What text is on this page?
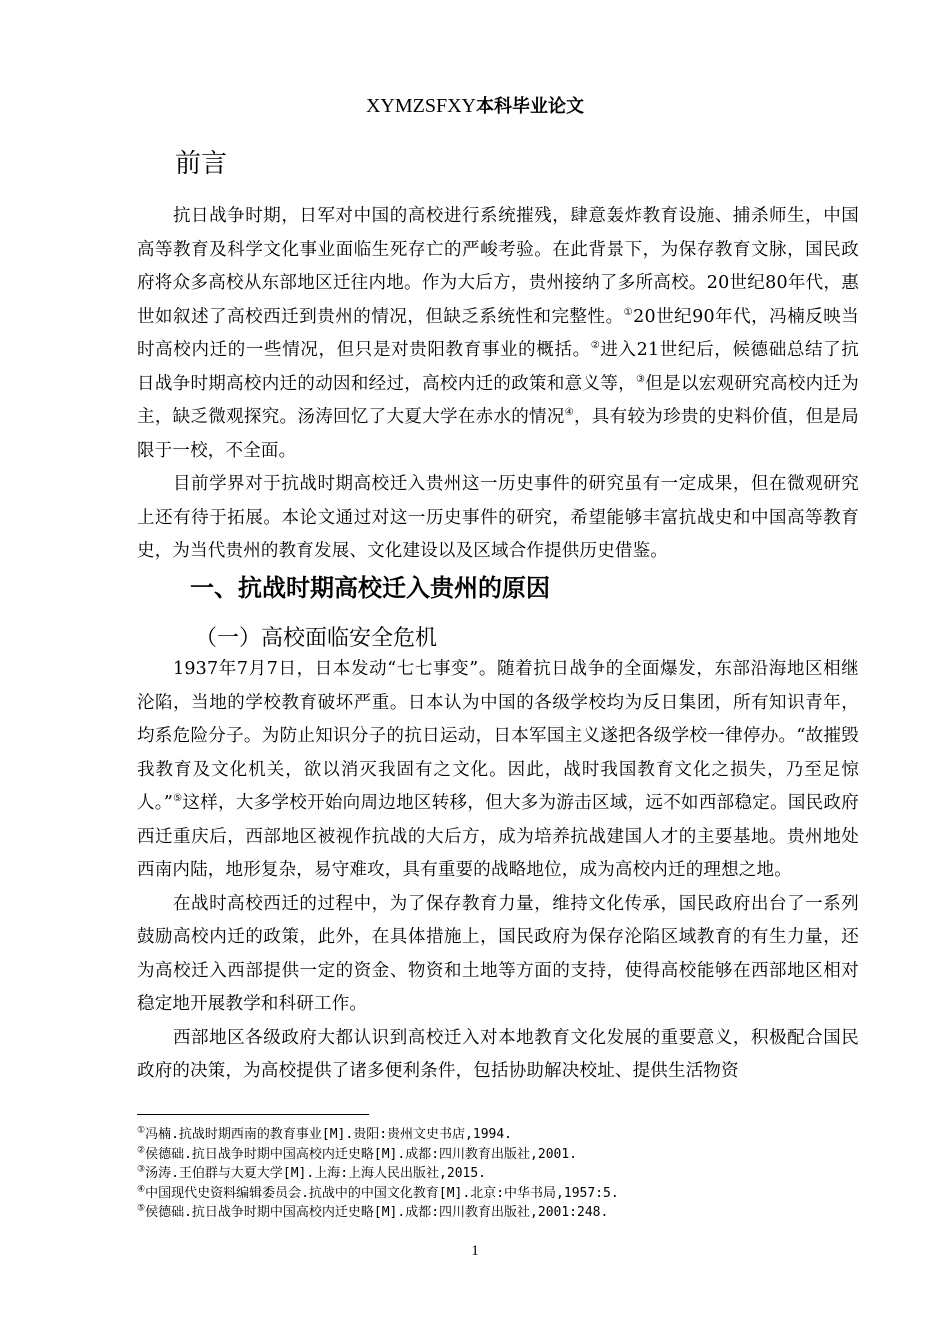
XYMZSFXY本科毕业论文
前言

抗日战争时期，日军对中国的高校进行系统摧残，肆意轰炸教育设施、捕杀师生，中国高等教育及科学文化事业面临生死存亡的严峻考验。在此背景下，为保存教育文脉，国民政府将众多高校从东部地区迁往内地。作为大后方，贵州接纳了多所高校。20世纪80年代，惠世如叙述了高校西迁到贵州的情况，但缺乏系统性和完整性。①20世纪90年代，冯楠反映当时高校内迁的一些情况，但只是对贵阳教育事业的概括。②进入21世纪后，候德础总结了抗日战争时期高校内迁的动因和经过，高校内迁的政策和意义等，③但是以宏观研究高校内迁为主，缺乏微观探究。汤涛回忆了大夏大学在赤水的情况④，具有较为珍贵的史料价值，但是局限于一校，不全面。

目前学界对于抗战时期高校迁入贵州这一历史事件的研究虽有一定成果，但在微观研究上还有待于拓展。本论文通过对这一历史事件的研究，希望能够丰富抗战史和中国高等教育史，为当代贵州的教育发展、文化建设以及区域合作提供历史借鉴。

一、抗战时期高校迁入贵州的原因
（一）高校面临安全危机

1937年7月7日，日本发动“七七事变”。随着抗日战争的全面爆发，东部沿海地区相继沦陷，当地的学校教育破坏严重。日本认为中国的各级学校均为反日集团，所有知识青年，均系危险分子。为防止知识分子的抗日运动，日本军国主义遂把各级学校一律停办。“故摧毁我教育及文化机关，欲以消灭我固有之文化。因此，战时我国教育文化之损失，乃至足惊人。”⑤这样，大多学校开始向周边地区转移，但大多为游击区域，远不如西部稳定。国民政府西迁重庆后，西部地区被视作抗战的大后方，成为培养抗战建国人才的主要基地。贵州地处西南内陆，地形复杂，易守难攻，具有重要的战略地位，成为高校内迁的理想之地。

在战时高校西迁的过程中，为了保存教育力量，维持文化传承，国民政府出台了一系列鼓励高校内迁的政策，此外，在具体措施上，国民政府为保存沦陷区域教育的有生力量，还为高校迁入西部提供一定的资金、物资和土地等方面的支持，使得高校能够在西部地区相对稳定地开展教学和科研工作。

西部地区各级政府大都认识到高校迁入对本地教育文化发展的重要意义，积极配合国民政府的决策，为高校提供了诸多便利条件，包括协助解决校址、提供生活物资

①冯楠.抗战时期西南的教育事业[M].贵阳:贵州文史书店,1994.
②侯德础.抗日战争时期中国高校内迁史略[M].成都:四川教育出版社,2001.
③汤涛.王伯群与大夏大学[M].上海:上海人民出版社,2015.
④中国现代史资料编辑委员会.抗战中的中国文化教育[M].北京:中华书局,1957:5.
⑤侯德础.抗日战争时期中国高校内迁史略[M].成都:四川教育出版社,2001:248.
1
